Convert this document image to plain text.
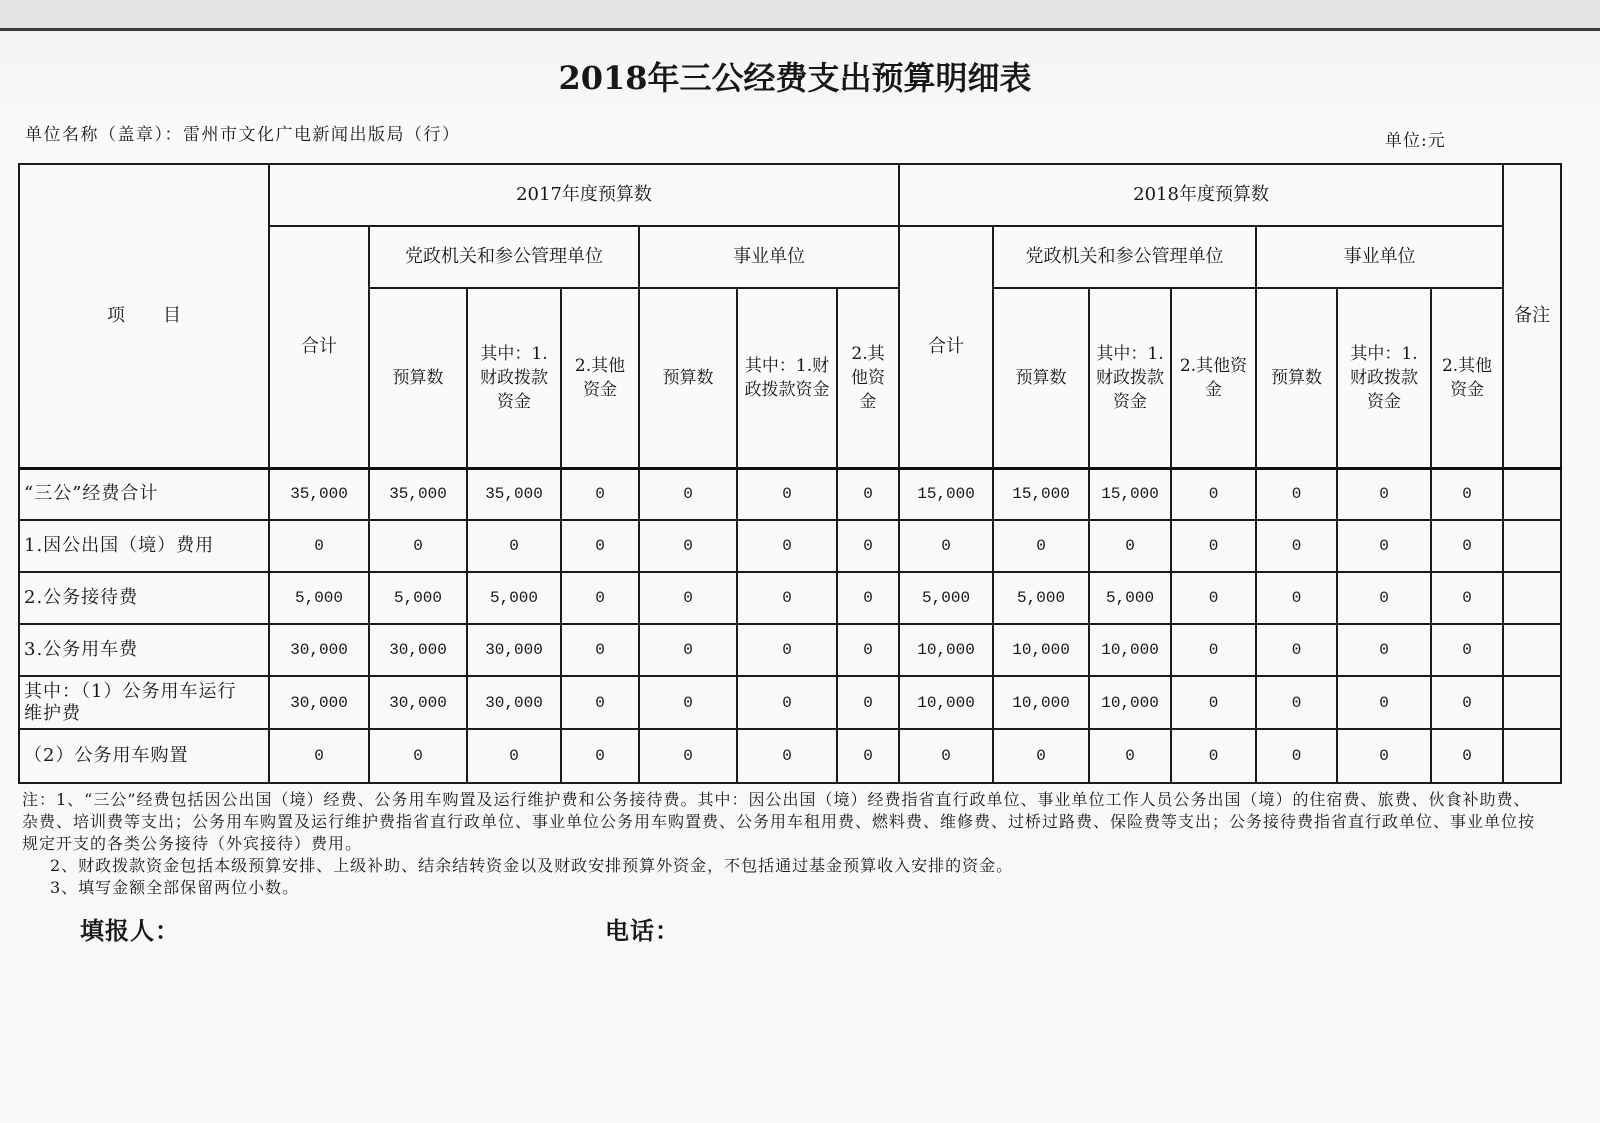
2018年三公经费支出预算明细表
单位名称（盖章）：雷州市文化广电新闻出版局（行）	单位:元
项目	2017年度预算数							2018年度预算数							备注
	合计	党政机关和参公管理单位			事业单位			合计	党政机关和参公管理单位			事业单位			
		预算数	其中：1.财政拨款资金	2.其他资金	预算数	其中：1.财政拨款资金	2.其他资金		预算数	其中：1.财政拨款资金	2.其他资金	预算数	其中：1.财政拨款资金	2.其他资金	
“三公”经费合计	35,000	35,000	35,000	0	0	0	0	15,000	15,000	15,000	0	0	0	0	
1.因公出国（境）费用	0	0	0	0	0	0	0	0	0	0	0	0	0	0	
2.公务接待费	5,000	5,000	5,000	0	0	0	0	5,000	5,000	5,000	0	0	0	0	
3.公务用车费	30,000	30,000	30,000	0	0	0	0	10,000	10,000	10,000	0	0	0	0	
其中：（1）公务用车运行维护费	30,000	30,000	30,000	0	0	0	0	10,000	10,000	10,000	0	0	0	0	
（2）公务用车购置	0	0	0	0	0	0	0	0	0	0	0	0	0	0	

注：1、“三公”经费包括因公出国（境）经费、公务用车购置及运行维护费和公务接待费。其中：因公出国（境）经费指省直行政单位、事业单位工作人员公务出国（境）的住宿费、旅费、伙食补助费、杂费、培训费等支出；公务用车购置及运行维护费指省直行政单位、事业单位公务用车购置费、公务用车租用费、燃料费、维修费、过桥过路费、保险费等支出；公务接待费指省直行政单位、事业单位按规定开支的各类公务接待（外宾接待）费用。

2、财政拨款资金包括本级预算安排、上级补助、结余结转资金以及财政安排预算外资金，不包括通过基金预算收入安排的资金。

3、填写金额全部保留两位小数。

填报人：	电话：
